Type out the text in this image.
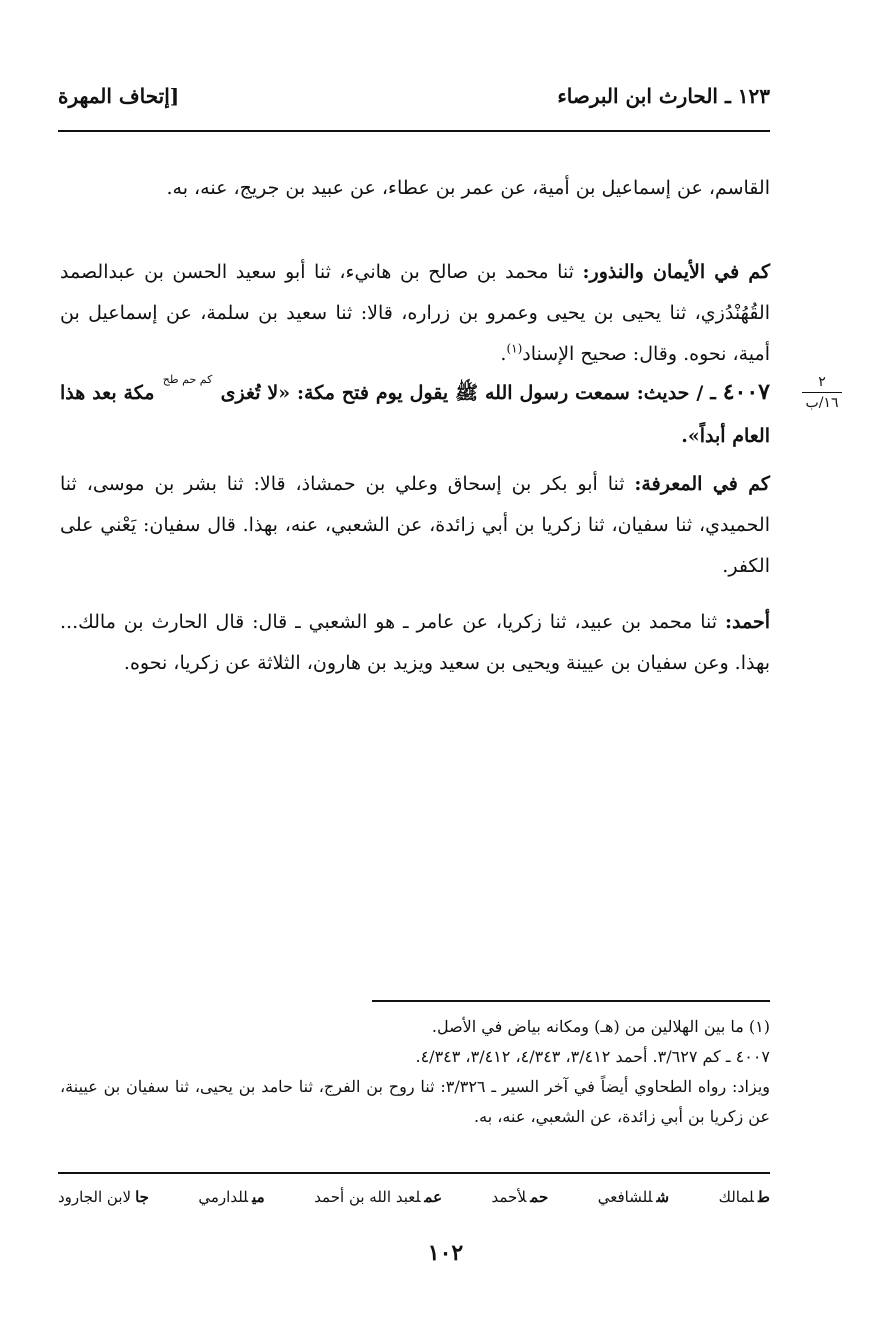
١٢٣ ـ الحارث ابن البرصاء
[إتحاف المهرة
القاسم، عن إسماعيل بن أمية، عن عمر بن عطاء، عن عبيد بن جريج، عنه، به.
كم في الأيمان والنذور: ثنا محمد بن صالح بن هانيء، ثنا أبو سعيد الحسن بن عبدالصمد القُهُنْدُزي، ثنا يحيى بن يحيى وعمرو بن زراره، قالا: ثنا سعيد بن سلمة، عن إسماعيل بن أمية، نحوه. وقال: صحيح الإسناد$^{(١)}$.
٤٠٠٧ ـ / حديث: سمعت رسول الله ﷺ يقول يوم فتح مكة: «لا تُغزى كم حم طح مكة بعد هذا العام أبداً».
٢
١٦/ب
كم في المعرفة: ثنا أبو بكر بن إسحاق وعلي بن حمشاذ، قالا: ثنا بشر بن موسى، ثنا الحميدي، ثنا سفيان، ثنا زكريا بن أبي زائدة، عن الشعبي، عنه، بهذا. قال سفيان: يَعْني على الكفر.
أحمد: ثنا محمد بن عبيد، ثنا زكريا، عن عامر ـ هو الشعبي ـ قال: قال الحارث بن مالك... بهذا. وعن سفيان بن عيينة ويحيى بن سعيد ويزيد بن هارون، الثلاثة عن زكريا، نحوه.
(١) ما بين الهلالين من (هـ) ومكانه بياض في الأصل.
٤٠٠٧ ـ كم ٣/٦٢٧. أحمد ٣/٤١٢، ٤/٣٤٣، ٣/٤١٢، ٤/٣٤٣.
ويزاد: رواه الطحاوي أيضاً في آخر السير ـ ٣/٣٢٦: ثنا روح بن الفرج، ثنا حامد بن يحيى، ثنا سفيان بن عيينة، عن زكريا بن أبي زائدة، عن الشعبي، عنه، به.
طلمالك
شللشافعي
حملأحمد
عملعبد الله بن أحمد
ميللدارمي
جالابن الجارود
١٠٢
